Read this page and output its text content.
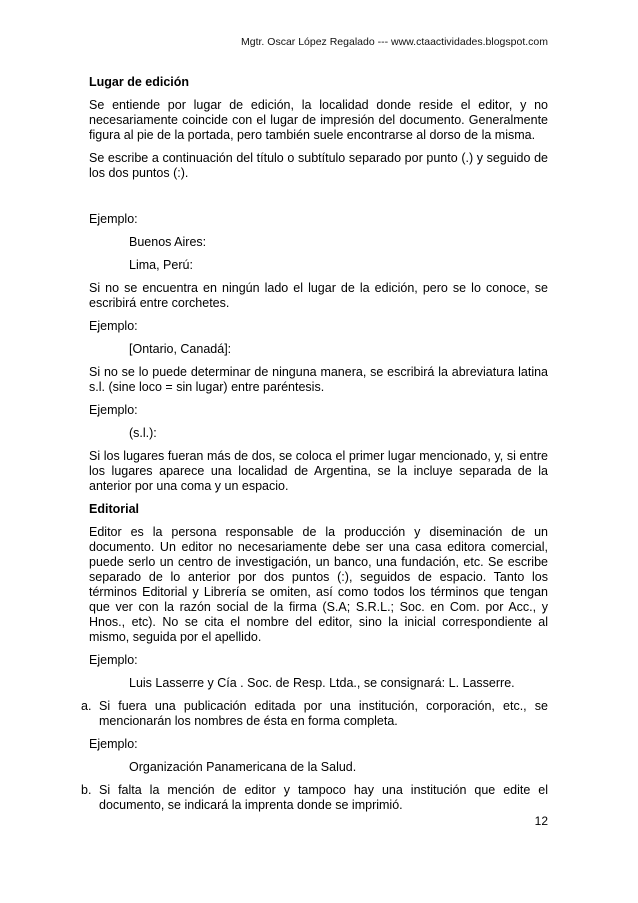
Mgtr. Oscar López Regalado --- www.ctaactividades.blogspot.com

Lugar de edición

Se entiende por lugar de edición, la localidad donde reside el editor, y no necesariamente coincide con el lugar de impresión del documento. Generalmente figura al pie de la portada, pero también suele encontrarse al dorso de la misma.

Se escribe a continuación del título o subtítulo separado por punto (.) y seguido de los dos puntos (:).

Ejemplo:

Buenos Aires:

Lima, Perú:

Si no se encuentra en ningún lado el lugar de la edición, pero se lo conoce, se escribirá entre corchetes.

Ejemplo:

[Ontario, Canadá]:

Si no se lo puede determinar de ninguna manera, se escribirá la abreviatura latina s.l. (sine loco = sin lugar) entre paréntesis.

Ejemplo:

(s.l.):

Si los lugares fueran más de dos, se coloca el primer lugar mencionado, y, si entre los lugares aparece una localidad de Argentina, se la incluye separada de la anterior por una coma y un espacio.

Editorial

Editor es la persona responsable de la producción y diseminación de un documento. Un editor no necesariamente debe ser una casa editora comercial, puede serlo un centro de investigación, un banco, una fundación, etc. Se escribe separado de lo anterior por dos puntos (:), seguidos de espacio. Tanto los términos Editorial y Librería se omiten, así como todos los términos que tengan que ver con la razón social de la firma (S.A; S.R.L.; Soc. en Com. por Acc., y Hnos., etc). No se cita el nombre del editor, sino la inicial correspondiente al mismo, seguida por el apellido.

Ejemplo:

Luis Lasserre y Cía . Soc. de Resp. Ltda., se consignará: L. Lasserre.

a. Si fuera una publicación editada por una institución, corporación, etc., se mencionarán los nombres de ésta en forma completa.

Ejemplo:

Organización Panamericana de la Salud.

b. Si falta la mención de editor y tampoco hay una institución que edite el documento, se indicará la imprenta donde se imprimió.

12
